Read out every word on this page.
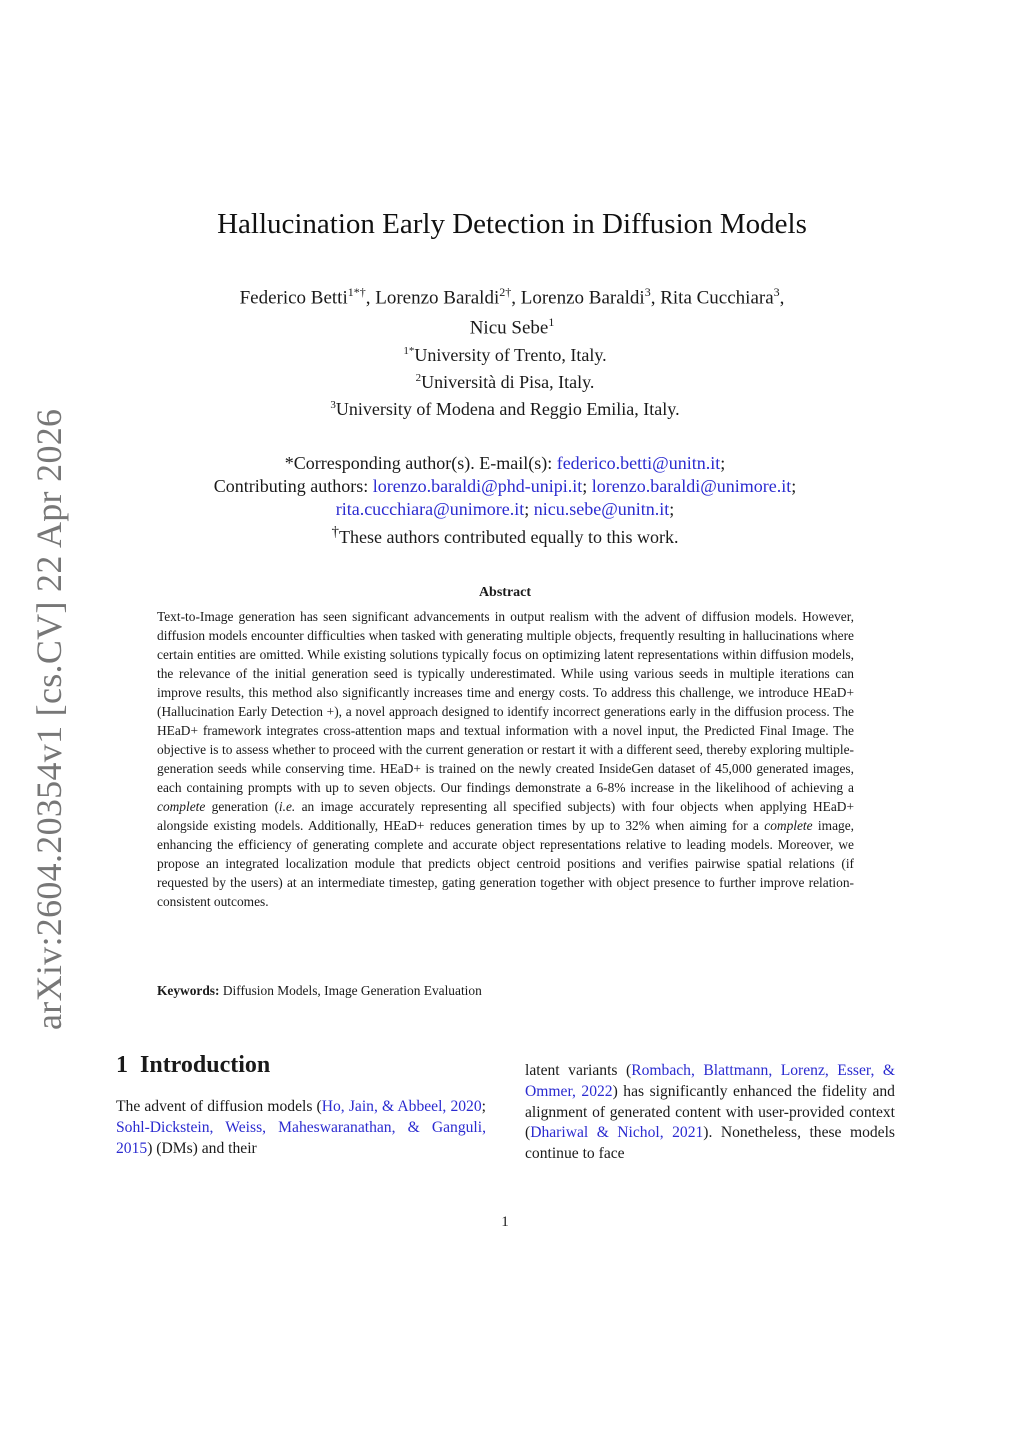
arXiv:2604.20354v1 [cs.CV] 22 Apr 2026
Hallucination Early Detection in Diffusion Models
Federico Betti$^{1*\dagger}$, Lorenzo Baraldi$^{2\dagger}$, Lorenzo Baraldi$^3$, Rita Cucchiara$^3$,
Nicu Sebe$^1$
$^{1*}$University of Trento, Italy.
$^2$Università di Pisa, Italy.
$^3$University of Modena and Reggio Emilia, Italy.
*Corresponding author(s). E-mail(s): federico.betti@unitn.it;
Contributing authors: lorenzo.baraldi@phd-unipi.it; lorenzo.baraldi@unimore.it;
rita.cucchiara@unimore.it; nicu.sebe@unitn.it;
†These authors contributed equally to this work.
Abstract
Text-to-Image generation has seen significant advancements in output realism with the advent of diffusion models. However, diffusion models encounter difficulties when tasked with generating multiple objects, frequently resulting in hallucinations where certain entities are omitted. While existing solutions typically focus on optimizing latent representations within diffusion models, the relevance of the initial generation seed is typically underestimated. While using various seeds in multiple iterations can improve results, this method also significantly increases time and energy costs. To address this challenge, we introduce HEaD+ (Hallucination Early Detection +), a novel approach designed to identify incorrect generations early in the diffusion process. The HEaD+ framework integrates cross-attention maps and textual information with a novel input, the Predicted Final Image. The objective is to assess whether to proceed with the current generation or restart it with a different seed, thereby exploring multiple-generation seeds while conserving time. HEaD+ is trained on the newly created InsideGen dataset of 45,000 generated images, each containing prompts with up to seven objects. Our findings demonstrate a 6-8% increase in the likelihood of achieving a complete generation (i.e. an image accurately representing all specified subjects) with four objects when applying HEaD+ alongside existing models. Additionally, HEaD+ reduces generation times by up to 32% when aiming for a complete image, enhancing the efficiency of generating complete and accurate object representations relative to leading models. Moreover, we propose an integrated localization module that predicts object centroid positions and verifies pairwise spatial relations (if requested by the users) at an intermediate timestep, gating generation together with object presence to further improve relation-consistent outcomes.
Keywords: Diffusion Models, Image Generation Evaluation
1 Introduction
The advent of diffusion models (Ho, Jain, & Abbeel, 2020; Sohl-Dickstein, Weiss, Maheswaranathan, & Ganguli, 2015) (DMs) and their
latent variants (Rombach, Blattmann, Lorenz, Esser, & Ommer, 2022) has significantly enhanced the fidelity and alignment of generated content with user-provided context (Dhariwal & Nichol, 2021). Nonetheless, these models continue to face
1
